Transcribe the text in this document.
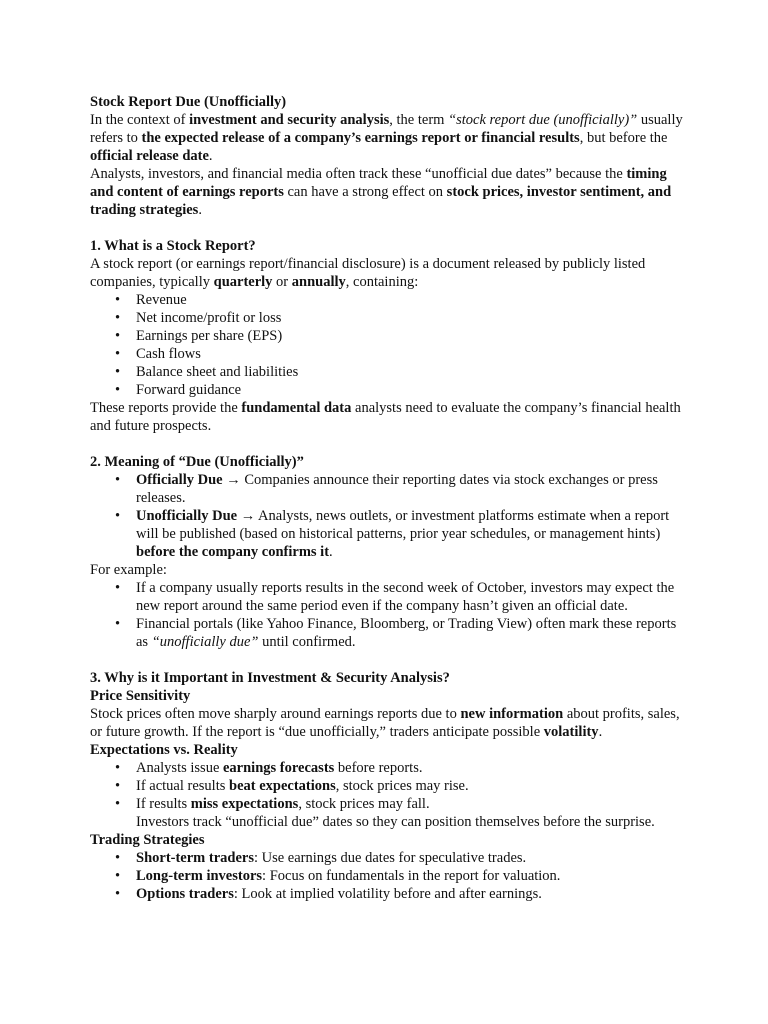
Stock Report Due (Unofficially)

In the context of investment and security analysis, the term “stock report due (unofficially)” usually refers to the expected release of a company’s earnings report or financial results, but before the official release date.

Analysts, investors, and financial media often track these “unofficial due dates” because the timing and content of earnings reports can have a strong effect on stock prices, investor sentiment, and trading strategies.

1. What is a Stock Report?

A stock report (or earnings report/financial disclosure) is a document released by publicly listed companies, typically quarterly or annually, containing:

• Revenue
• Net income/profit or loss
• Earnings per share (EPS)
• Cash flows
• Balance sheet and liabilities
• Forward guidance

These reports provide the fundamental data analysts need to evaluate the company’s financial health and future prospects.

2. Meaning of “Due (Unofficially)”

• Officially Due → Companies announce their reporting dates via stock exchanges or press releases.
• Unofficially Due → Analysts, news outlets, or investment platforms estimate when a report will be published (based on historical patterns, prior year schedules, or management hints) before the company confirms it.

For example:

• If a company usually reports results in the second week of October, investors may expect the new report around the same period even if the company hasn’t given an official date.
• Financial portals (like Yahoo Finance, Bloomberg, or Trading View) often mark these reports as “unofficially due” until confirmed.

3. Why is it Important in Investment & Security Analysis?

Price Sensitivity

Stock prices often move sharply around earnings reports due to new information about profits, sales, or future growth. If the report is “due unofficially,” traders anticipate possible volatility.

Expectations vs. Reality

• Analysts issue earnings forecasts before reports.
• If actual results beat expectations, stock prices may rise.
• If results miss expectations, stock prices may fall.

Investors track “unofficial due” dates so they can position themselves before the surprise.

Trading Strategies

• Short-term traders: Use earnings due dates for speculative trades.
• Long-term investors: Focus on fundamentals in the report for valuation.
• Options traders: Look at implied volatility before and after earnings.
